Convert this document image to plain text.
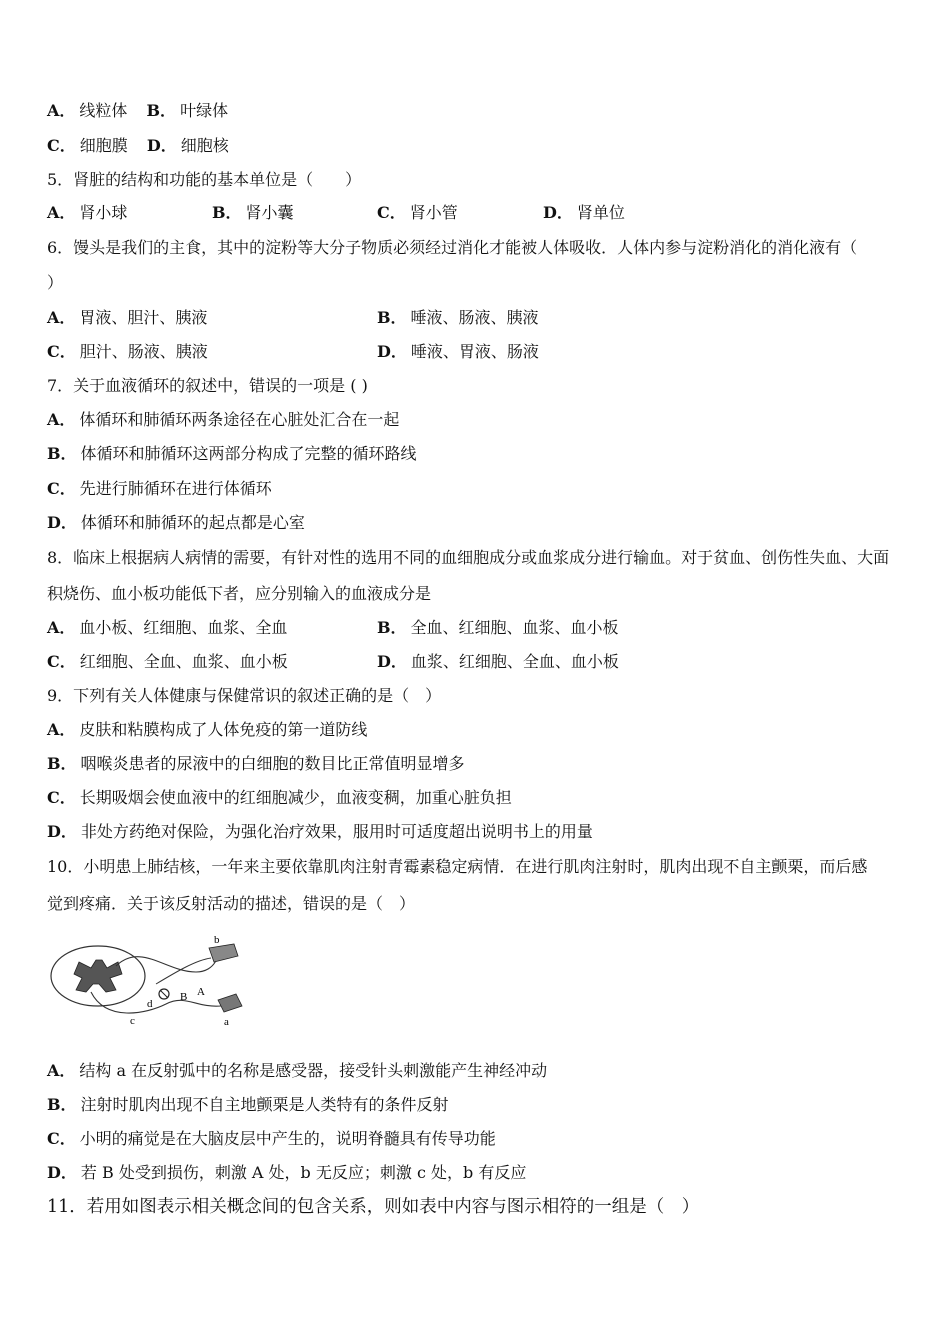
A． 线粒体 B． 叶绿体
C． 细胞膜 D． 细胞核
5．肾脏的结构和功能的基本单位是（　　）
A． 肾小球	B． 肾小囊	C． 肾小管	D． 肾单位
6．馒头是我们的主食，其中的淀粉等大分子物质必须经过消化才能被人体吸收．人体内参与淀粉消化的消化液有（
）
A． 胃液、胆汁、胰液	B． 唾液、肠液、胰液
C． 胆汁、肠液、胰液	D． 唾液、胃液、肠液
7．关于血液循环的叙述中，错误的一项是 ( )
A． 体循环和肺循环两条途径在心脏处汇合在一起
B． 体循环和肺循环这两部分构成了完整的循环路线
C． 先进行肺循环在进行体循环
D． 体循环和肺循环的起点都是心室
8．临床上根据病人病情的需要，有针对性的选用不同的血细胞成分或血浆成分进行输血。对于贫血、创伤性失血、大面
积烧伤、血小板功能低下者，应分别输入的血液成分是
A． 血小板、红细胞、血浆、全血	B． 全血、红细胞、血浆、血小板
C． 红细胞、全血、血浆、血小板	D． 血浆、红细胞、全血、血小板
9．下列有关人体健康与保健常识的叙述正确的是（　）
A． 皮肤和粘膜构成了人体免疫的第一道防线
B． 咽喉炎患者的尿液中的白细胞的数目比正常值明显增多
C． 长期吸烟会使血液中的红细胞减少，血液变稠，加重心脏负担
D． 非处方药绝对保险，为强化治疗效果，服用时可适度超出说明书上的用量
10．小明患上肺结核，一年来主要依靠肌肉注射青霉素稳定病情．在进行肌肉注射时，肌肉出现不自主颤栗，而后感
觉到疼痛．关于该反射活动的描述，错误的是（　）
b
a
c
d
B A
A． 结构 a 在反射弧中的名称是感受器，接受针头刺激能产生神经冲动
B． 注射时肌肉出现不自主地颤栗是人类特有的条件反射
C． 小明的痛觉是在大脑皮层中产生的，说明脊髓具有传导功能
D． 若 B 处受到损伤，刺激 A 处，b 无反应；刺激 c 处，b 有反应
11．若用如图表示相关概念间的包含关系，则如表中内容与图示相符的一组是（　）
